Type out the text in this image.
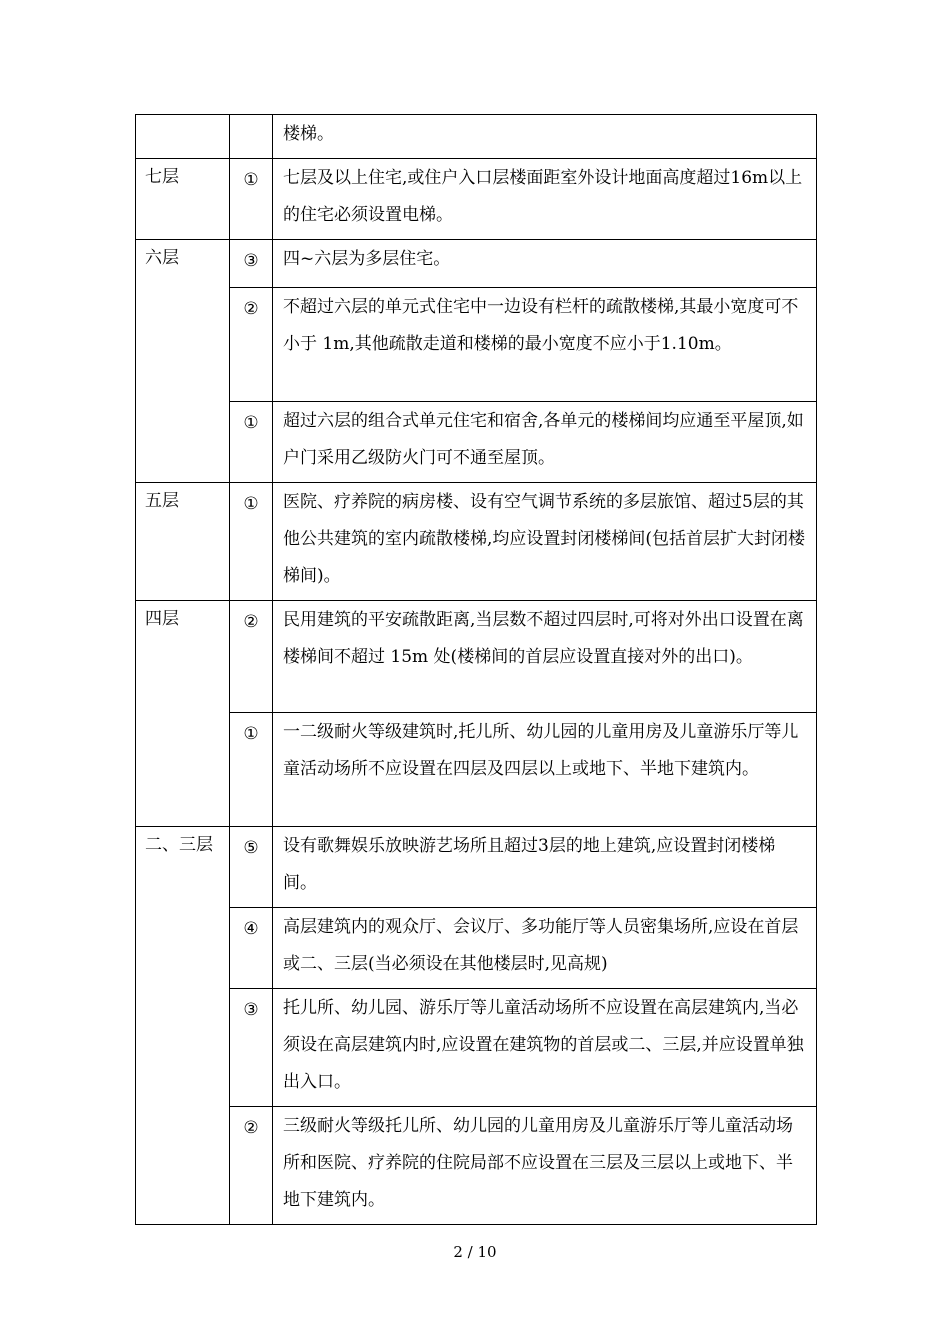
		楼梯。
七层	①	七层及以上住宅,或住户入口层楼面距室外设计地面高度超过16m以上的住宅必须设置电梯。
六层	③	四~六层为多层住宅。
	②	不超过六层的单元式住宅中一边设有栏杆的疏散楼梯,其最小宽度可不小于 1m,其他疏散走道和楼梯的最小宽度不应小于1.10m。
	①	超过六层的组合式单元住宅和宿舍,各单元的楼梯间均应通至平屋顶,如户门采用乙级防火门可不通至屋顶。
五层	①	医院、疗养院的病房楼、设有空气调节系统的多层旅馆、超过5层的其他公共建筑的室内疏散楼梯,均应设置封闭楼梯间(包括首层扩大封闭楼梯间)。
四层	②	民用建筑的平安疏散距离,当层数不超过四层时,可将对外出口设置在离楼梯间不超过 15m 处(楼梯间的首层应设置直接对外的出口)。
	①	一二级耐火等级建筑时,托儿所、幼儿园的儿童用房及儿童游乐厅等儿童活动场所不应设置在四层及四层以上或地下、半地下建筑内。
二、三层	⑤	设有歌舞娱乐放映游艺场所且超过3层的地上建筑,应设置封闭楼梯间。
	④	高层建筑内的观众厅、会议厅、多功能厅等人员密集场所,应设在首层或二、三层(当必须设在其他楼层时,见高规)
	③	托儿所、幼儿园、游乐厅等儿童活动场所不应设置在高层建筑内,当必须设在高层建筑内时,应设置在建筑物的首层或二、三层,并应设置单独出入口。
	②	三级耐火等级托儿所、幼儿园的儿童用房及儿童游乐厅等儿童活动场所和医院、疗养院的住院局部不应设置在三层及三层以上或地下、半地下建筑内。
2 / 10
